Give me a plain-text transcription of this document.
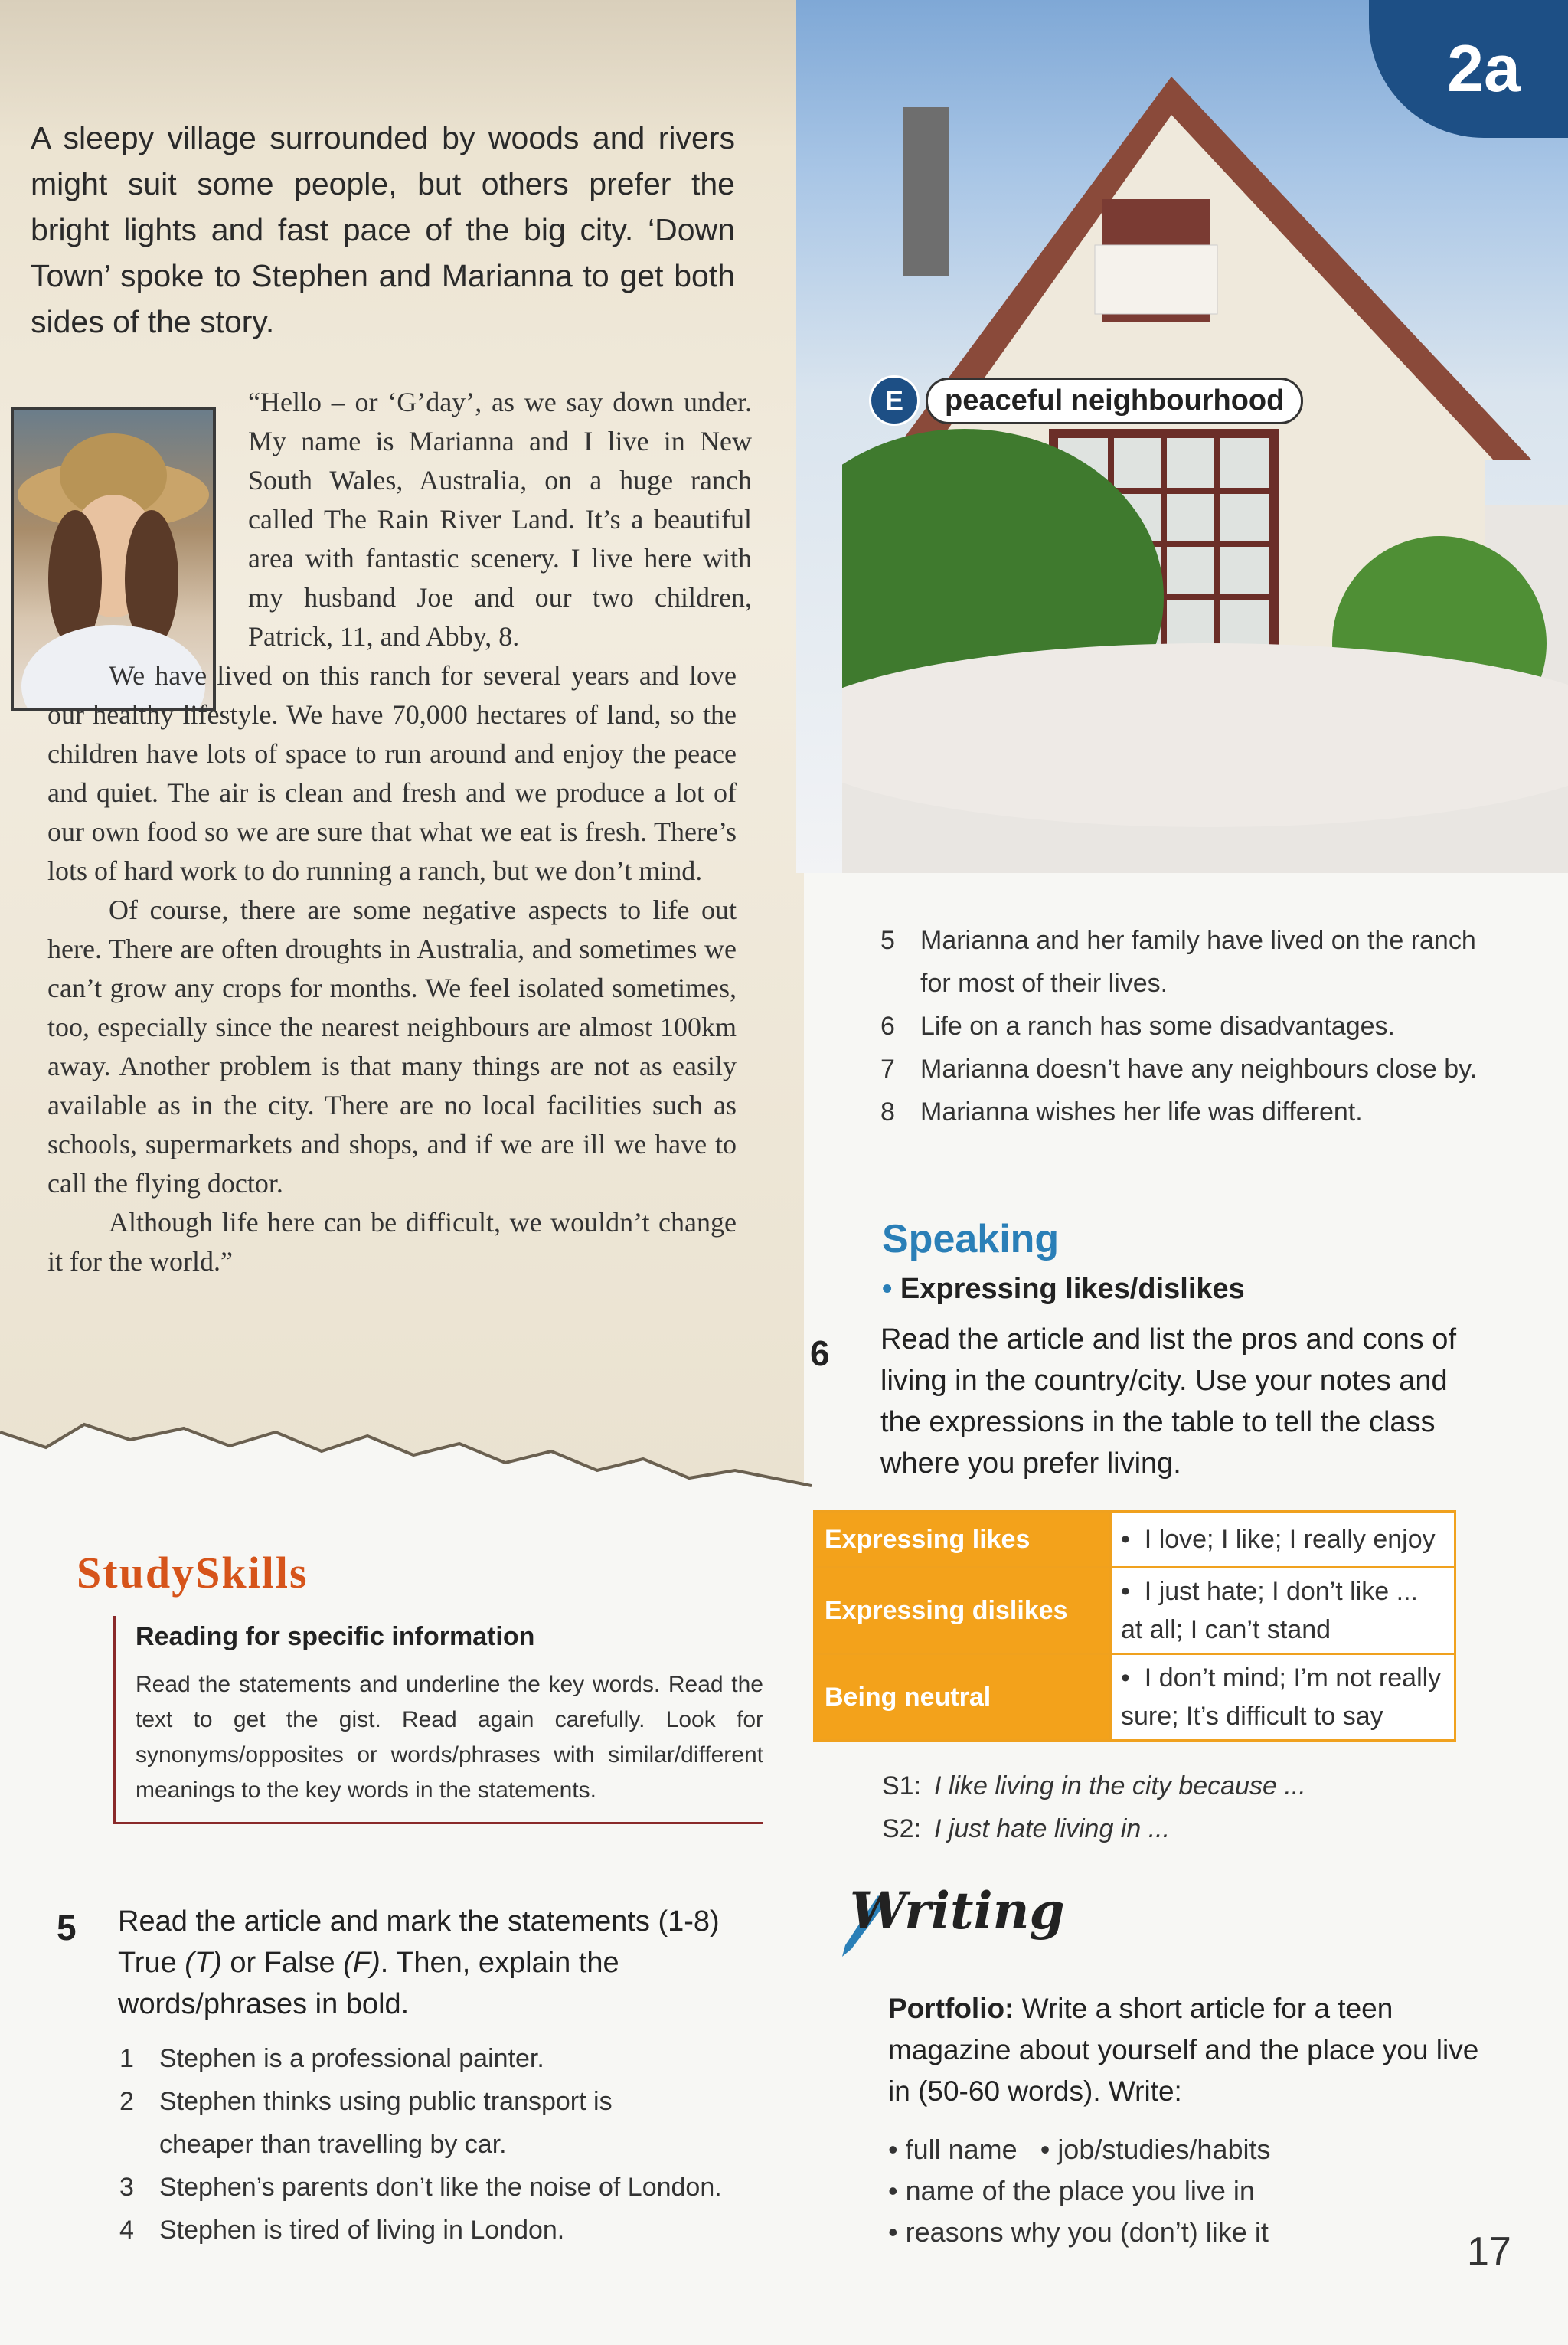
2a
E	peaceful neighbourhood
A sleepy village surrounded by woods and rivers might suit some people, but others prefer the bright lights and fast pace of the big city. ‘Down Town’ spoke to Stephen and Marianna to get both sides of the story.

“Hello – or ‘G’day’, as we say down under. My name is Marianna and I live in New South Wales, Australia, on a huge ranch called The Rain River Land. It’s a beautiful area with fantastic scenery. I live here with my husband Joe and our two children, Patrick, 11, and Abby, 8.

We have lived on this ranch for several years and love our healthy lifestyle. We have 70,000 hectares of land, so the children have lots of space to run around and enjoy the peace and quiet. The air is clean and fresh and we produce a lot of our own food so we are sure that what we eat is fresh. There’s lots of hard work to do running a ranch, but we don’t mind.

Of course, there are some negative aspects to life out here. There are often droughts in Australia, and sometimes we can’t grow any crops for months. We feel isolated sometimes, too, especially since the nearest neighbours are almost 100km away. Another problem is that many things are not as easily available as in the city. There are no local facilities such as schools, supermarkets and shops, and if we are ill we have to call the flying doctor.

Although life here can be difficult, we wouldn’t change it for the world.”

StudySkills
Reading for specific information

Read the statements and underline the key words. Read the text to get the gist. Read again carefully. Look for synonyms/opposites or words/phrases with similar/different meanings to the key words in the statements.

5 Read the article and mark the statements (1-8) True (T) or False (F). Then, explain the words/phrases in bold.
1 Stephen is a professional painter.
2 Stephen thinks using public transport is cheaper than travelling by car.
3 Stephen’s parents don’t like the noise of London.
4 Stephen is tired of living in London.
5 Marianna and her family have lived on the ranch for most of their lives.
6 Life on a ranch has some disadvantages.
7 Marianna doesn’t have any neighbours close by.
8 Marianna wishes her life was different.
Speaking
• Expressing likes/dislikes
6 Read the article and list the pros and cons of living in the country/city. Use your notes and the expressions in the table to tell the class where you prefer living.
Expressing likes	•  I love; I like; I really enjoy
Expressing dislikes	•  I just hate; I don’t like ... at all; I can’t stand
Being neutral	•  I don’t mind; I’m not really sure; It’s difficult to say
S1: I like living in the city because ...
S2: I just hate living in ...
Writing
Portfolio: Write a short article for a teen magazine about yourself and the place you live in (50-60 words). Write:
• full name   • job/studies/habits
• name of the place you live in
• reasons why you (don’t) like it	17
